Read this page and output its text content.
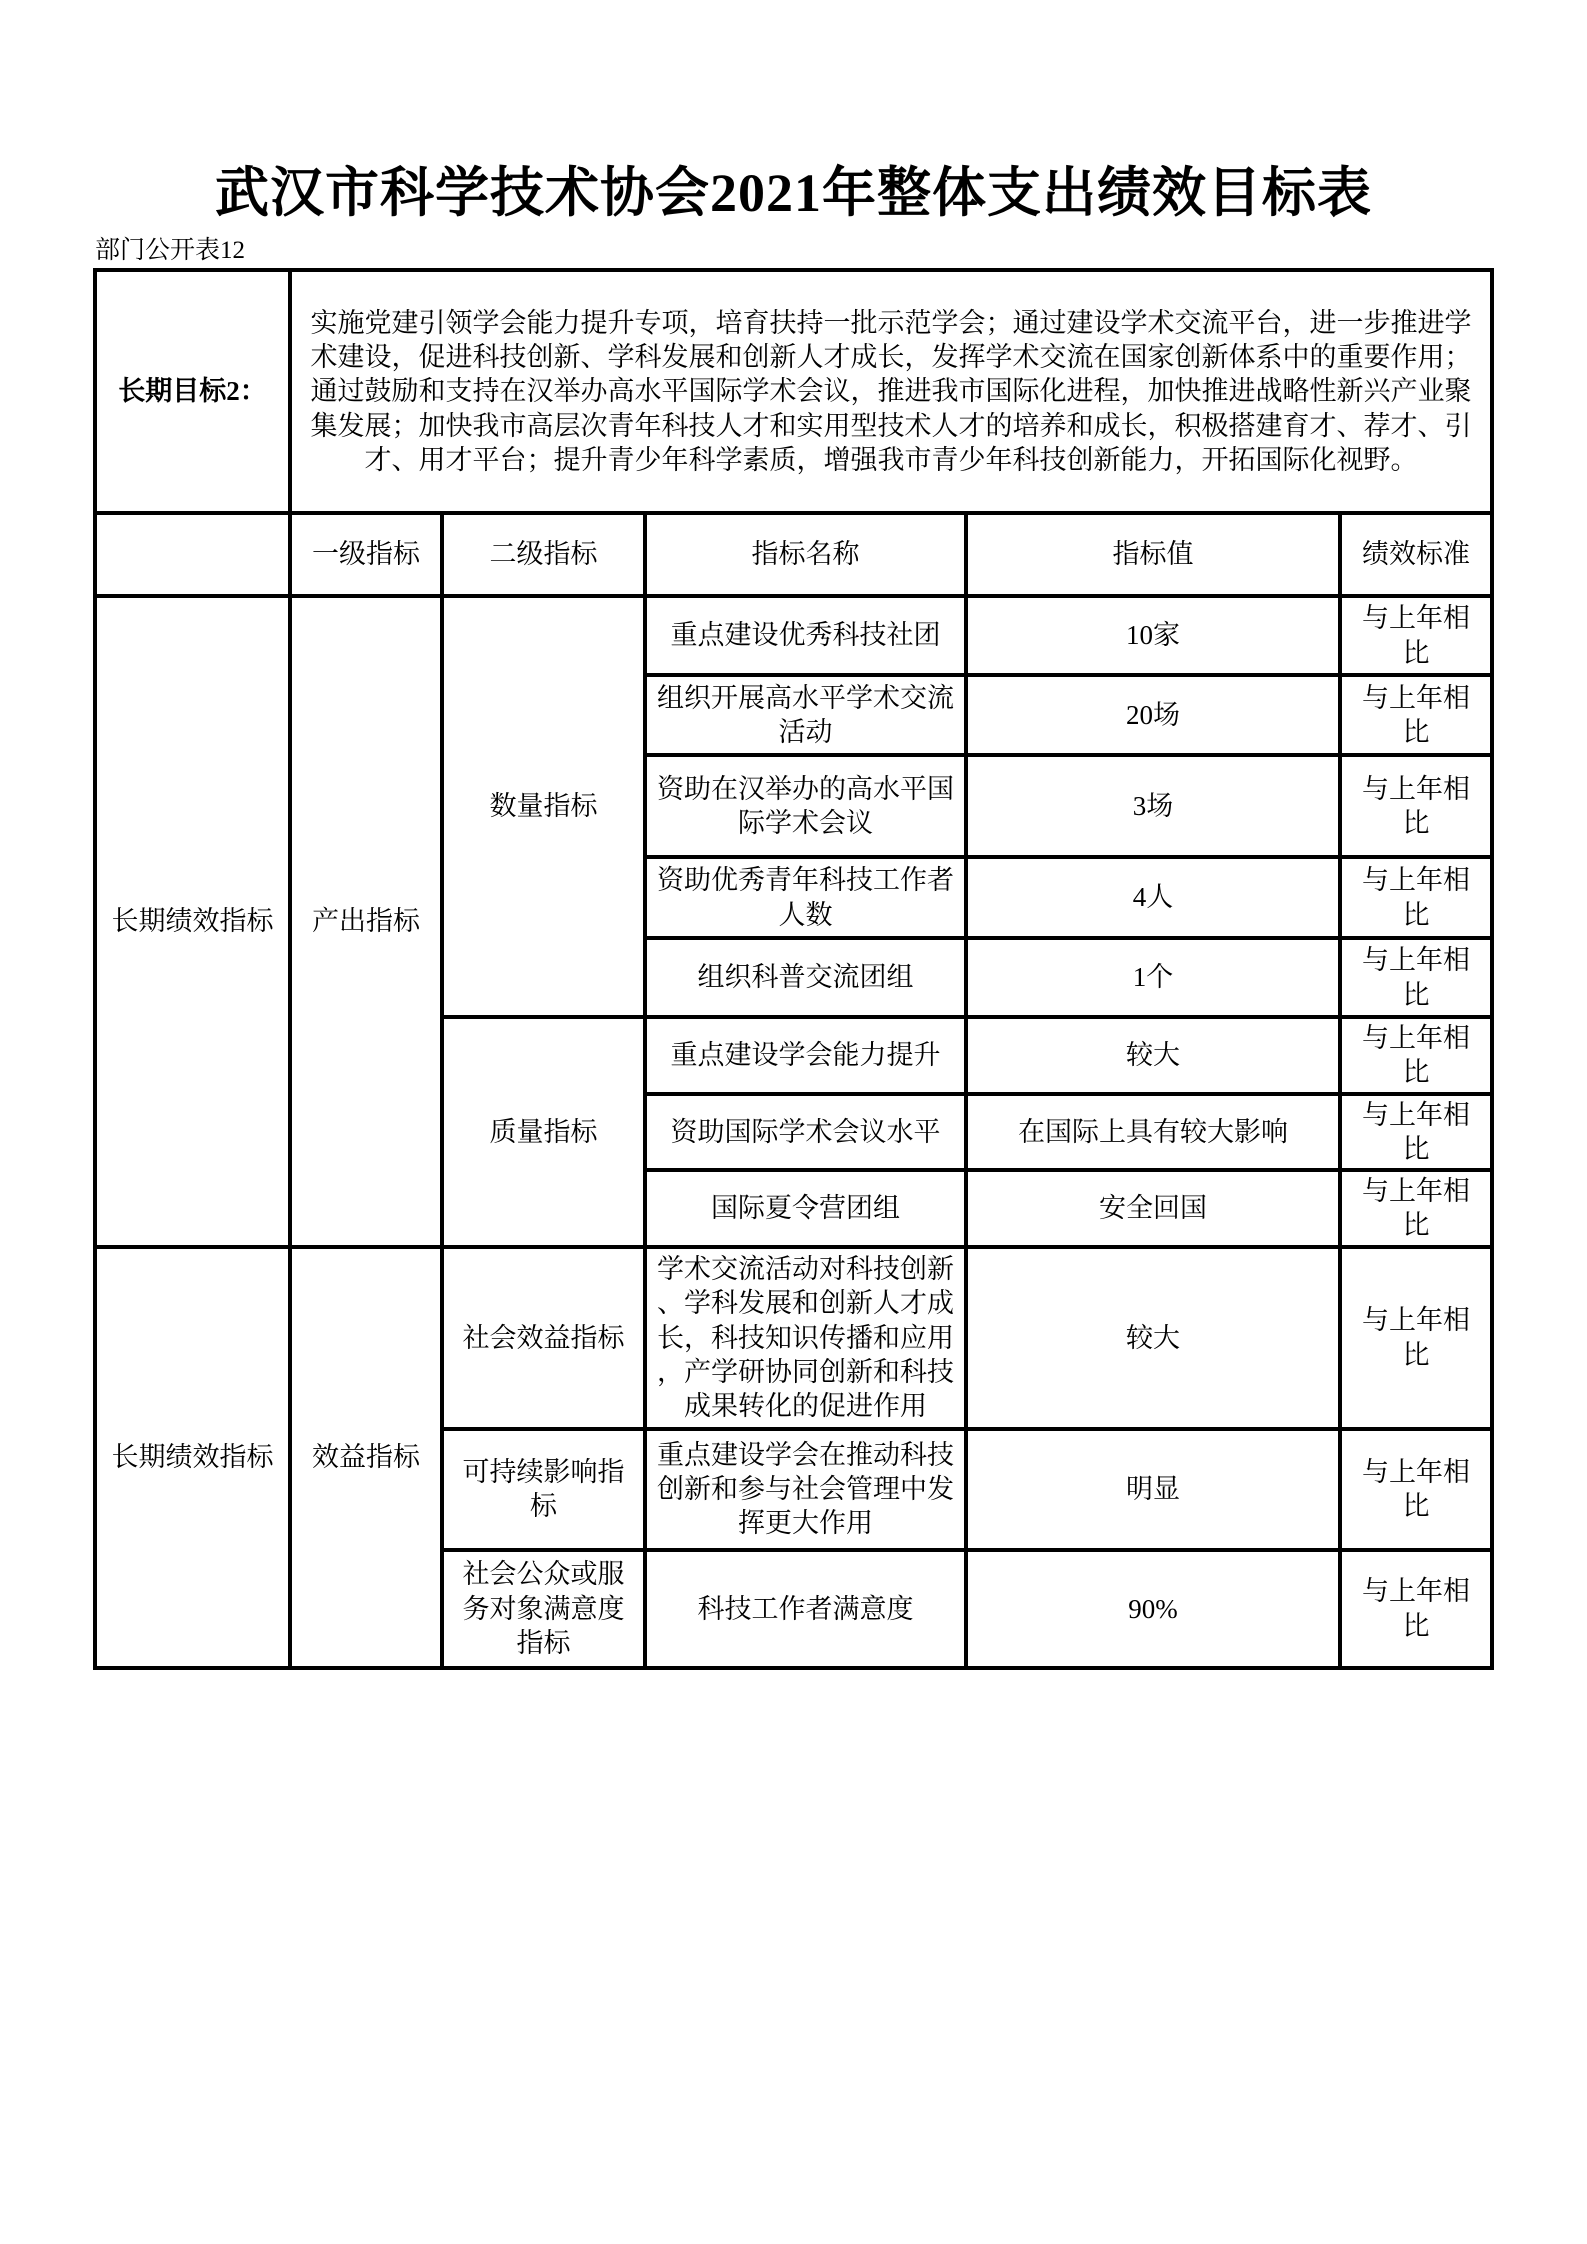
武汉市科学技术协会2021年整体支出绩效目标表
部门公开表12
长期目标2：	实施党建引领学会能力提升专项，培育扶持一批示范学会；通过建设学术交流平台，进一步推进学术建设，促进科技创新、学科发展和创新人才成长，发挥学术交流在国家创新体系中的重要作用；通过鼓励和支持在汉举办高水平国际学术会议，推进我市国际化进程，加快推进战略性新兴产业聚集发展；加快我市高层次青年科技人才和实用型技术人才的培养和成长，积极搭建育才、荐才、引才、用才平台；提升青少年科学素质，增强我市青少年科技创新能力，开拓国际化视野。				
	一级指标	二级指标	指标名称	指标值	绩效标准
长期绩效指标	产出指标	数量指标	重点建设优秀科技社团	10家	与上年相比
			组织开展高水平学术交流活动	20场	与上年相比
			资助在汉举办的高水平国际学术会议	3场	与上年相比
			资助优秀青年科技工作者人数	4人	与上年相比
			组织科普交流团组	1个	与上年相比
		质量指标	重点建设学会能力提升	较大	与上年相比
			资助国际学术会议水平	在国际上具有较大影响	与上年相比
			国际夏令营团组	安全回国	与上年相比
长期绩效指标	效益指标	社会效益指标	学术交流活动对科技创新、学科发展和创新人才成长，科技知识传播和应用，产学研协同创新和科技成果转化的促进作用	较大	与上年相比
		可持续影响指标	重点建设学会在推动科技创新和参与社会管理中发挥更大作用	明显	与上年相比
		社会公众或服务对象满意度指标	科技工作者满意度	90%	与上年相比
